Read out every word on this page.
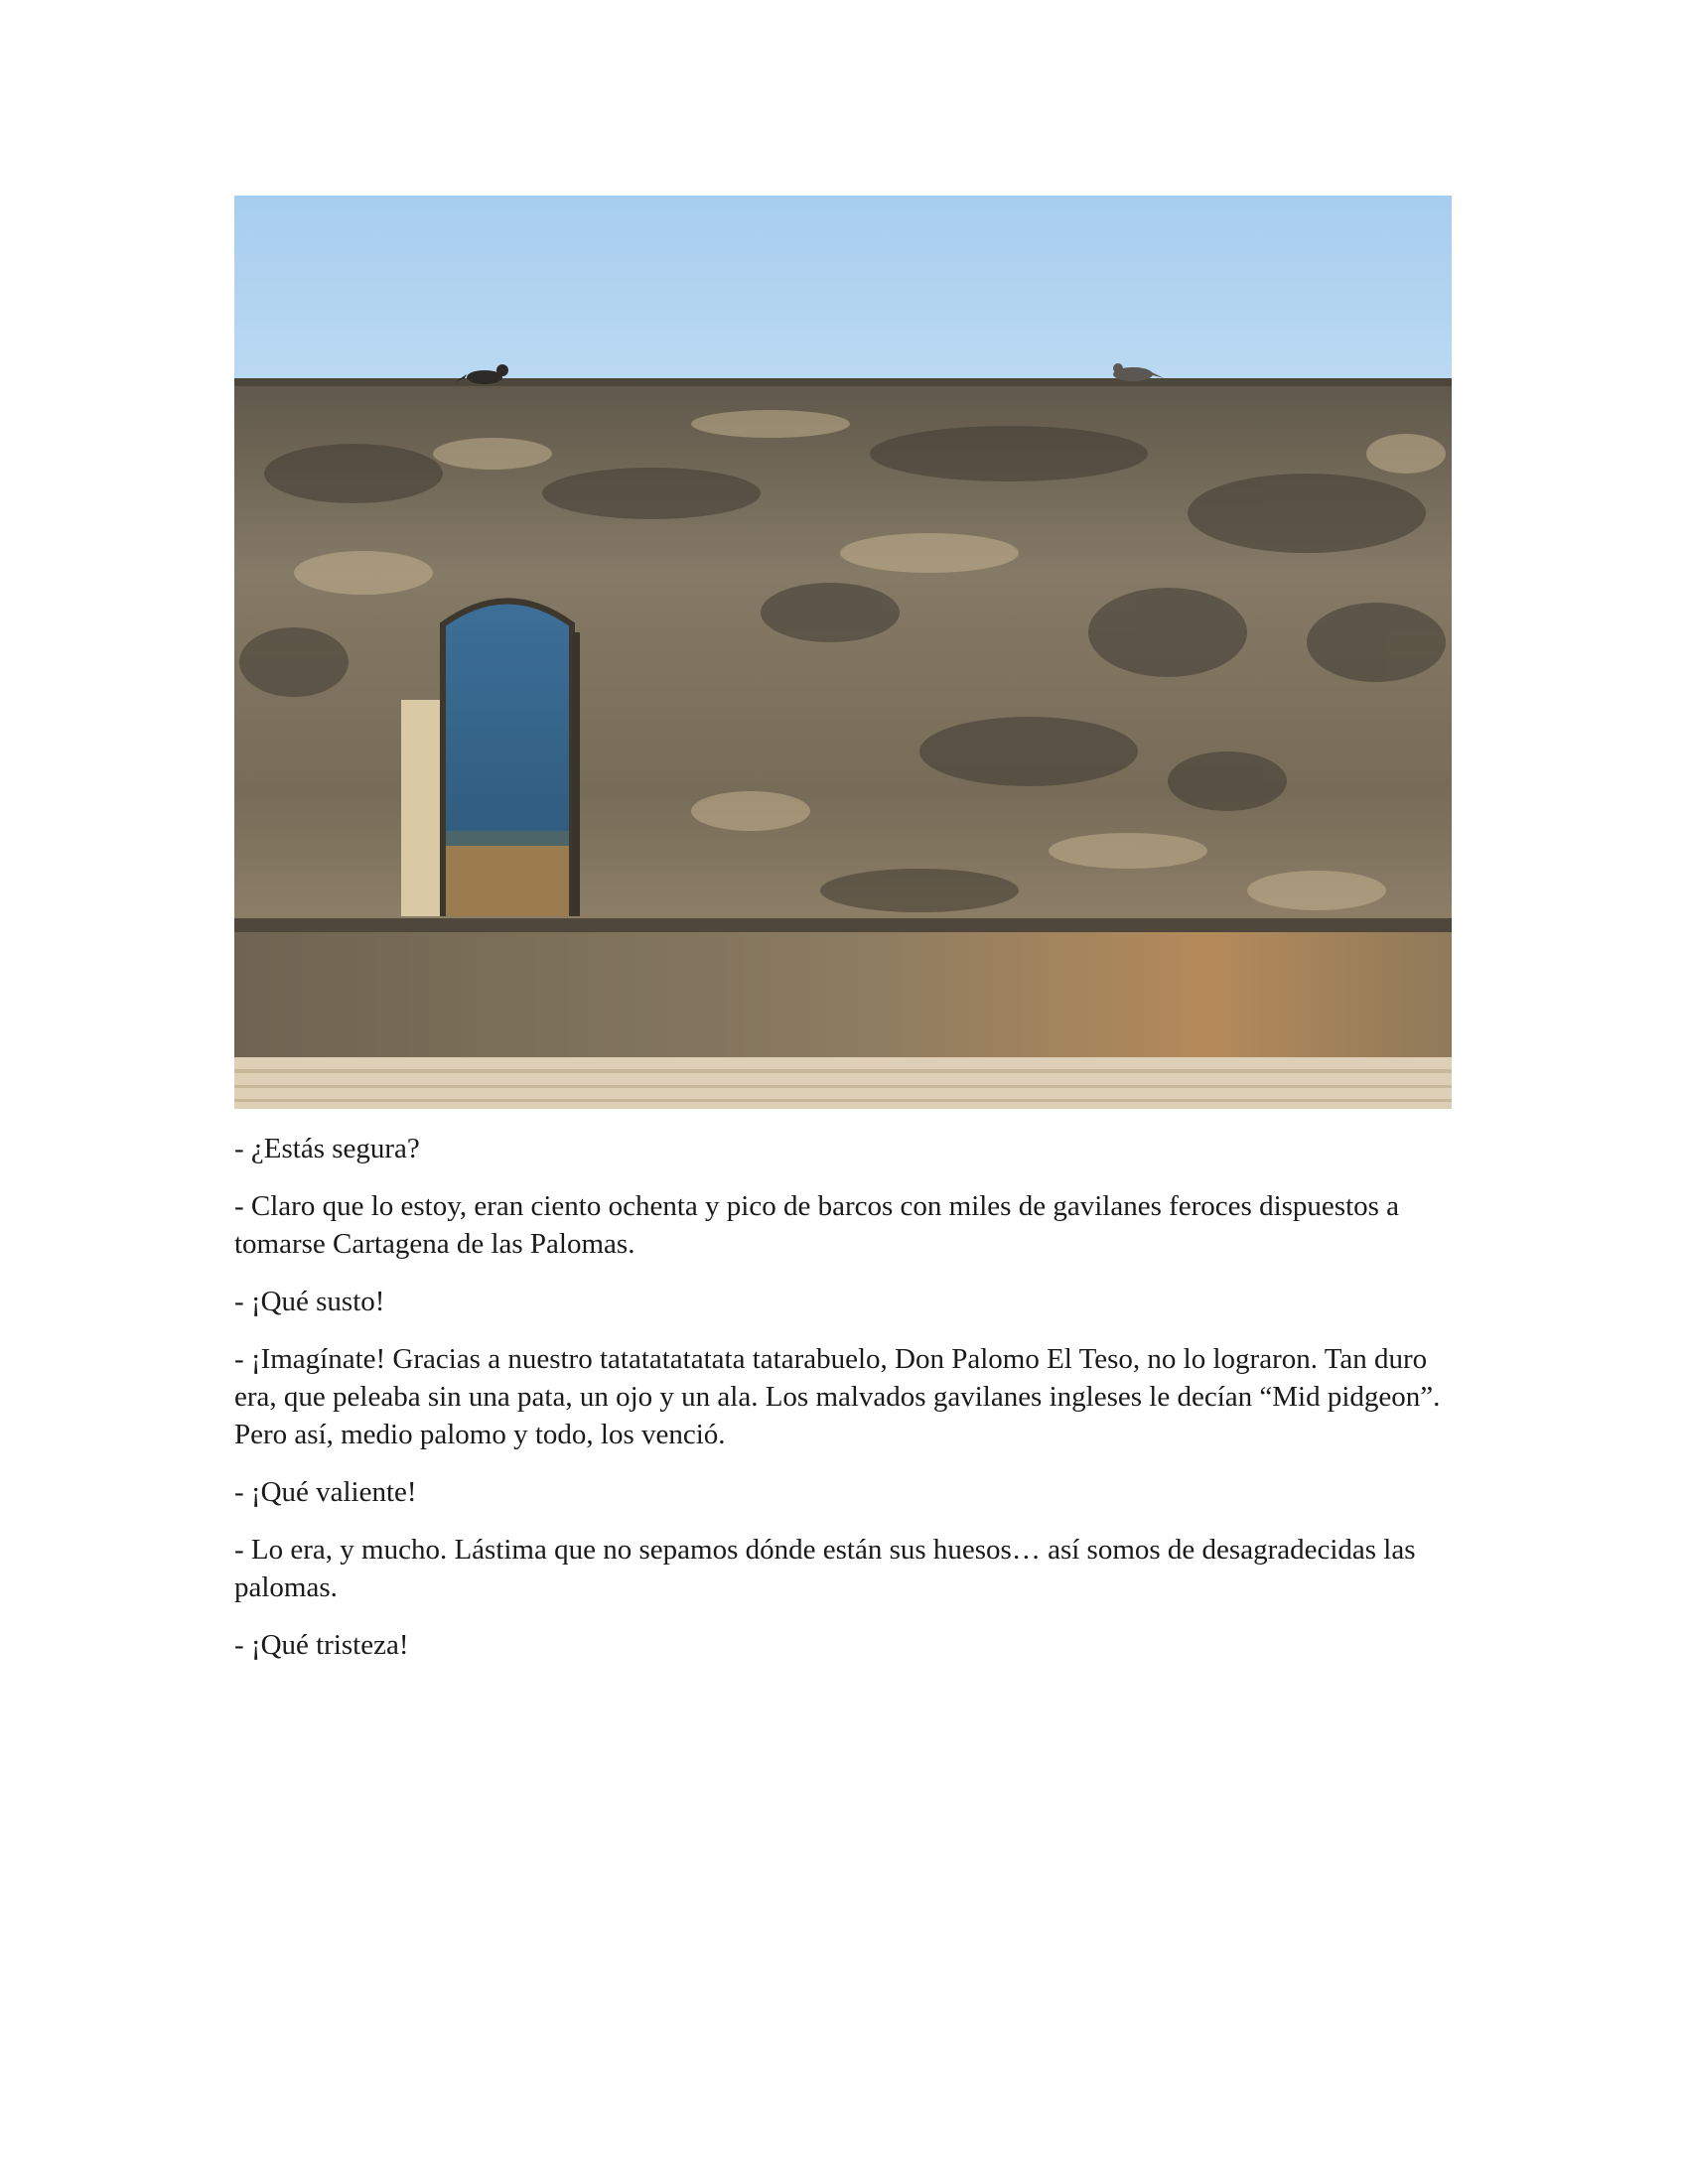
- ¿Estás segura?

- Claro que lo estoy, eran ciento ochenta y pico de barcos con miles de gavilanes feroces dispuestos a tomarse Cartagena de las Palomas.

- ¡Qué susto!

- ¡Imagínate! Gracias a nuestro tatatatatatata tatarabuelo, Don Palomo El Teso, no lo lograron. Tan duro era, que peleaba sin una pata, un ojo y un ala. Los malvados gavilanes ingleses le decían “Mid pidgeon”. Pero así, medio palomo y todo, los venció.

- ¡Qué valiente!

- Lo era, y mucho. Lástima que no sepamos dónde están sus huesos… así somos de desagradecidas las palomas.

- ¡Qué tristeza!
